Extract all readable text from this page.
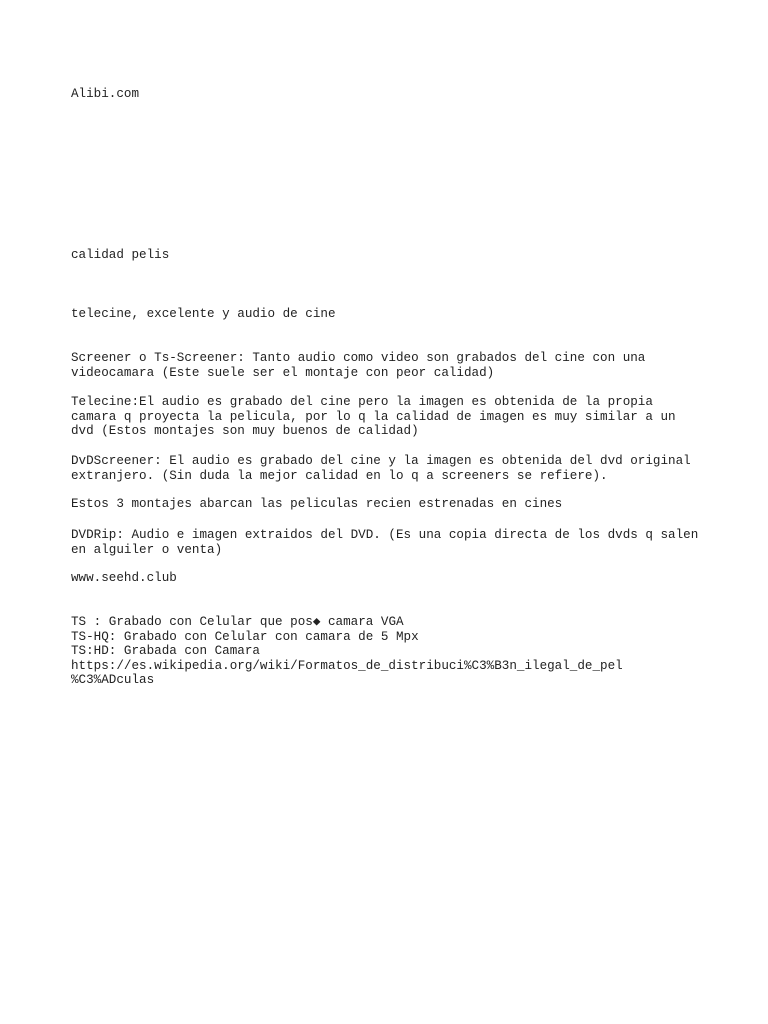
Alibi.com
calidad pelis
telecine, excelente y audio de cine
Screener o Ts-Screener: Tanto audio como video son grabados del cine con una
videocamara (Este suele ser el montaje con peor calidad)
Telecine:El audio es grabado del cine pero la imagen es obtenida de la propia
camara q proyecta la pelicula, por lo q la calidad de imagen es muy similar a un
dvd (Estos montajes son muy buenos de calidad)
DvDScreener: El audio es grabado del cine y la imagen es obtenida del dvd original
extranjero. (Sin duda la mejor calidad en lo q a screeners se refiere).
Estos 3 montajes abarcan las peliculas recien estrenadas en cines
DVDRip: Audio e imagen extraidos del DVD. (Es una copia directa de los dvds q salen
en alguiler o venta)
www.seehd.club
TS : Grabado con Celular que pos◆ camara VGA
TS-HQ: Grabado con Celular con camara de 5 Mpx
TS:HD: Grabada con Camara
https://es.wikipedia.org/wiki/Formatos_de_distribuci%C3%B3n_ilegal_de_pel
%C3%ADculas
